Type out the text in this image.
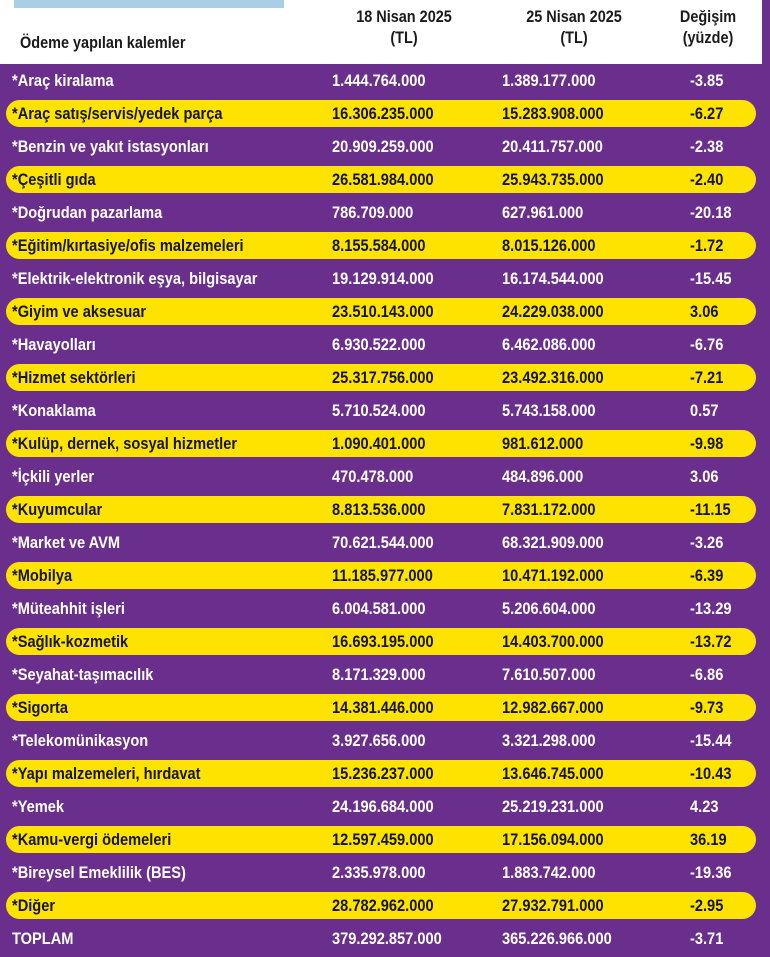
Ödeme yapılan kalemler
18 Nisan 2025
(TL)
25 Nisan 2025
(TL)
Değişim
(yüzde)
*Araç kiralama	1.444.764.000	1.389.177.000	-3.85
*Araç satış/servis/yedek parça	16.306.235.000	15.283.908.000	-6.27
*Benzin ve yakıt istasyonları	20.909.259.000	20.411.757.000	-2.38
*Çeşitli gıda	26.581.984.000	25.943.735.000	-2.40
*Doğrudan pazarlama	786.709.000	627.961.000	-20.18
*Eğitim/kırtasiye/ofis malzemeleri	8.155.584.000	8.015.126.000	-1.72
*Elektrik-elektronik eşya, bilgisayar	19.129.914.000	16.174.544.000	-15.45
*Giyim ve aksesuar	23.510.143.000	24.229.038.000	3.06
*Havayolları	6.930.522.000	6.462.086.000	-6.76
*Hizmet sektörleri	25.317.756.000	23.492.316.000	-7.21
*Konaklama	5.710.524.000	5.743.158.000	0.57
*Kulüp, dernek, sosyal hizmetler	1.090.401.000	981.612.000	-9.98
*İçkili yerler	470.478.000	484.896.000	3.06
*Kuyumcular	8.813.536.000	7.831.172.000	-11.15
*Market ve AVM	70.621.544.000	68.321.909.000	-3.26
*Mobilya	11.185.977.000	10.471.192.000	-6.39
*Müteahhit işleri	6.004.581.000	5.206.604.000	-13.29
*Sağlık-kozmetik	16.693.195.000	14.403.700.000	-13.72
*Seyahat-taşımacılık	8.171.329.000	7.610.507.000	-6.86
*Sigorta	14.381.446.000	12.982.667.000	-9.73
*Telekomünikasyon	3.927.656.000	3.321.298.000	-15.44
*Yapı malzemeleri, hırdavat	15.236.237.000	13.646.745.000	-10.43
*Yemek	24.196.684.000	25.219.231.000	4.23
*Kamu-vergi ödemeleri	12.597.459.000	17.156.094.000	36.19
*Bireysel Emeklilik (BES)	2.335.978.000	1.883.742.000	-19.36
*Diğer	28.782.962.000	27.932.791.000	-2.95
TOPLAM	379.292.857.000	365.226.966.000	-3.71
